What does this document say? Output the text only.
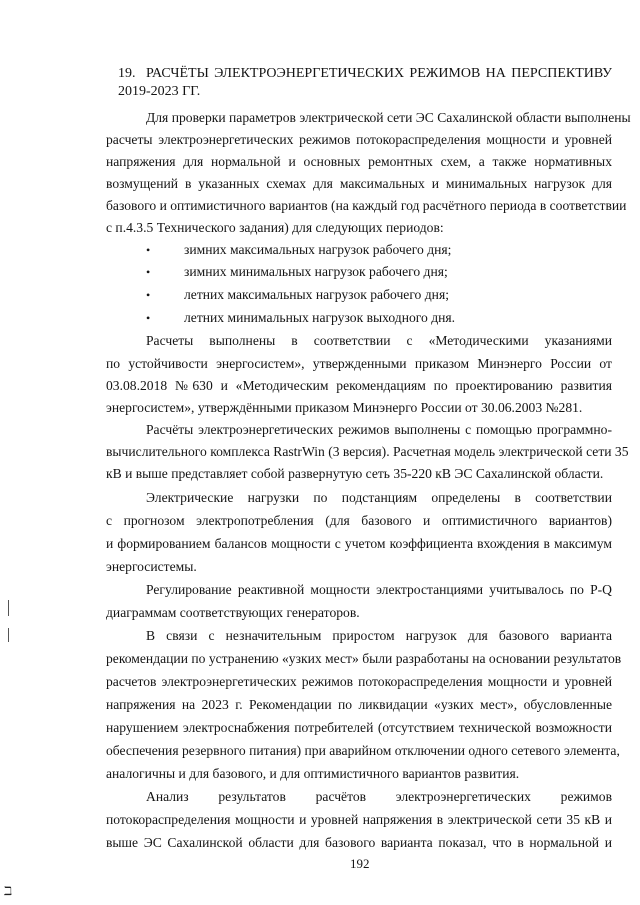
19. РАСЧЁТЫ ЭЛЕКТРОЭНЕРГЕТИЧЕСКИХ РЕЖИМОВ НА ПЕРСПЕКТИВУ
2019-2023 ГГ.
Для проверки параметров электрической сети ЭС Сахалинской области выполнены
расчеты электроэнергетических режимов потокораспределения мощности и уровней
напряжения для нормальной и основных ремонтных схем, а также нормативных
возмущений в указанных схемах для максимальных и минимальных нагрузок для
базового и оптимистичного вариантов (на каждый год расчётного периода в соответствии
с п.4.3.5 Технического задания) для следующих периодов:
• зимних максимальных нагрузок рабочего дня;
• зимних минимальных нагрузок рабочего дня;
• летних максимальных нагрузок рабочего дня;
• летних минимальных нагрузок выходного дня.
Расчеты выполнены в соответствии с «Методическими указаниями
по устойчивости энергосистем», утвержденными приказом Минэнерго России от
03.08.2018 №630 и «Методическим рекомендациям по проектированию развития
энергосистем», утверждёнными приказом Минэнерго России от 30.06.2003 №281.
Расчёты электроэнергетических режимов выполнены с помощью программно-
вычислительного комплекса RastrWin (3 версия). Расчетная модель электрической сети 35
кВ и выше представляет собой развернутую сеть 35-220 кВ ЭС Сахалинской области.
Электрические нагрузки по подстанциям определены в соответствии
с прогнозом электропотребления (для базового и оптимистичного вариантов)
и формированием балансов мощности с учетом коэффициента вхождения в максимум
энергосистемы.
Регулирование реактивной мощности электростанциями учитывалось по P-Q
диаграммам соответствующих генераторов.
В связи с незначительным приростом нагрузок для базового варианта
рекомендации по устранению «узких мест» были разработаны на основании результатов
расчетов электроэнергетических режимов потокораспределения мощности и уровней
напряжения на 2023 г. Рекомендации по ликвидации «узких мест», обусловленные
нарушением электроснабжения потребителей (отсутствием технической возможности
обеспечения резервного питания) при аварийном отключении одного сетевого элемента,
аналогичны и для базового, и для оптимистичного вариантов развития.
Анализ результатов расчётов электроэнергетических режимов
потокораспределения мощности и уровней напряжения в электрической сети 35 кВ и
выше ЭС Сахалинской области для базового варианта показал, что в нормальной и
192
ℶ
